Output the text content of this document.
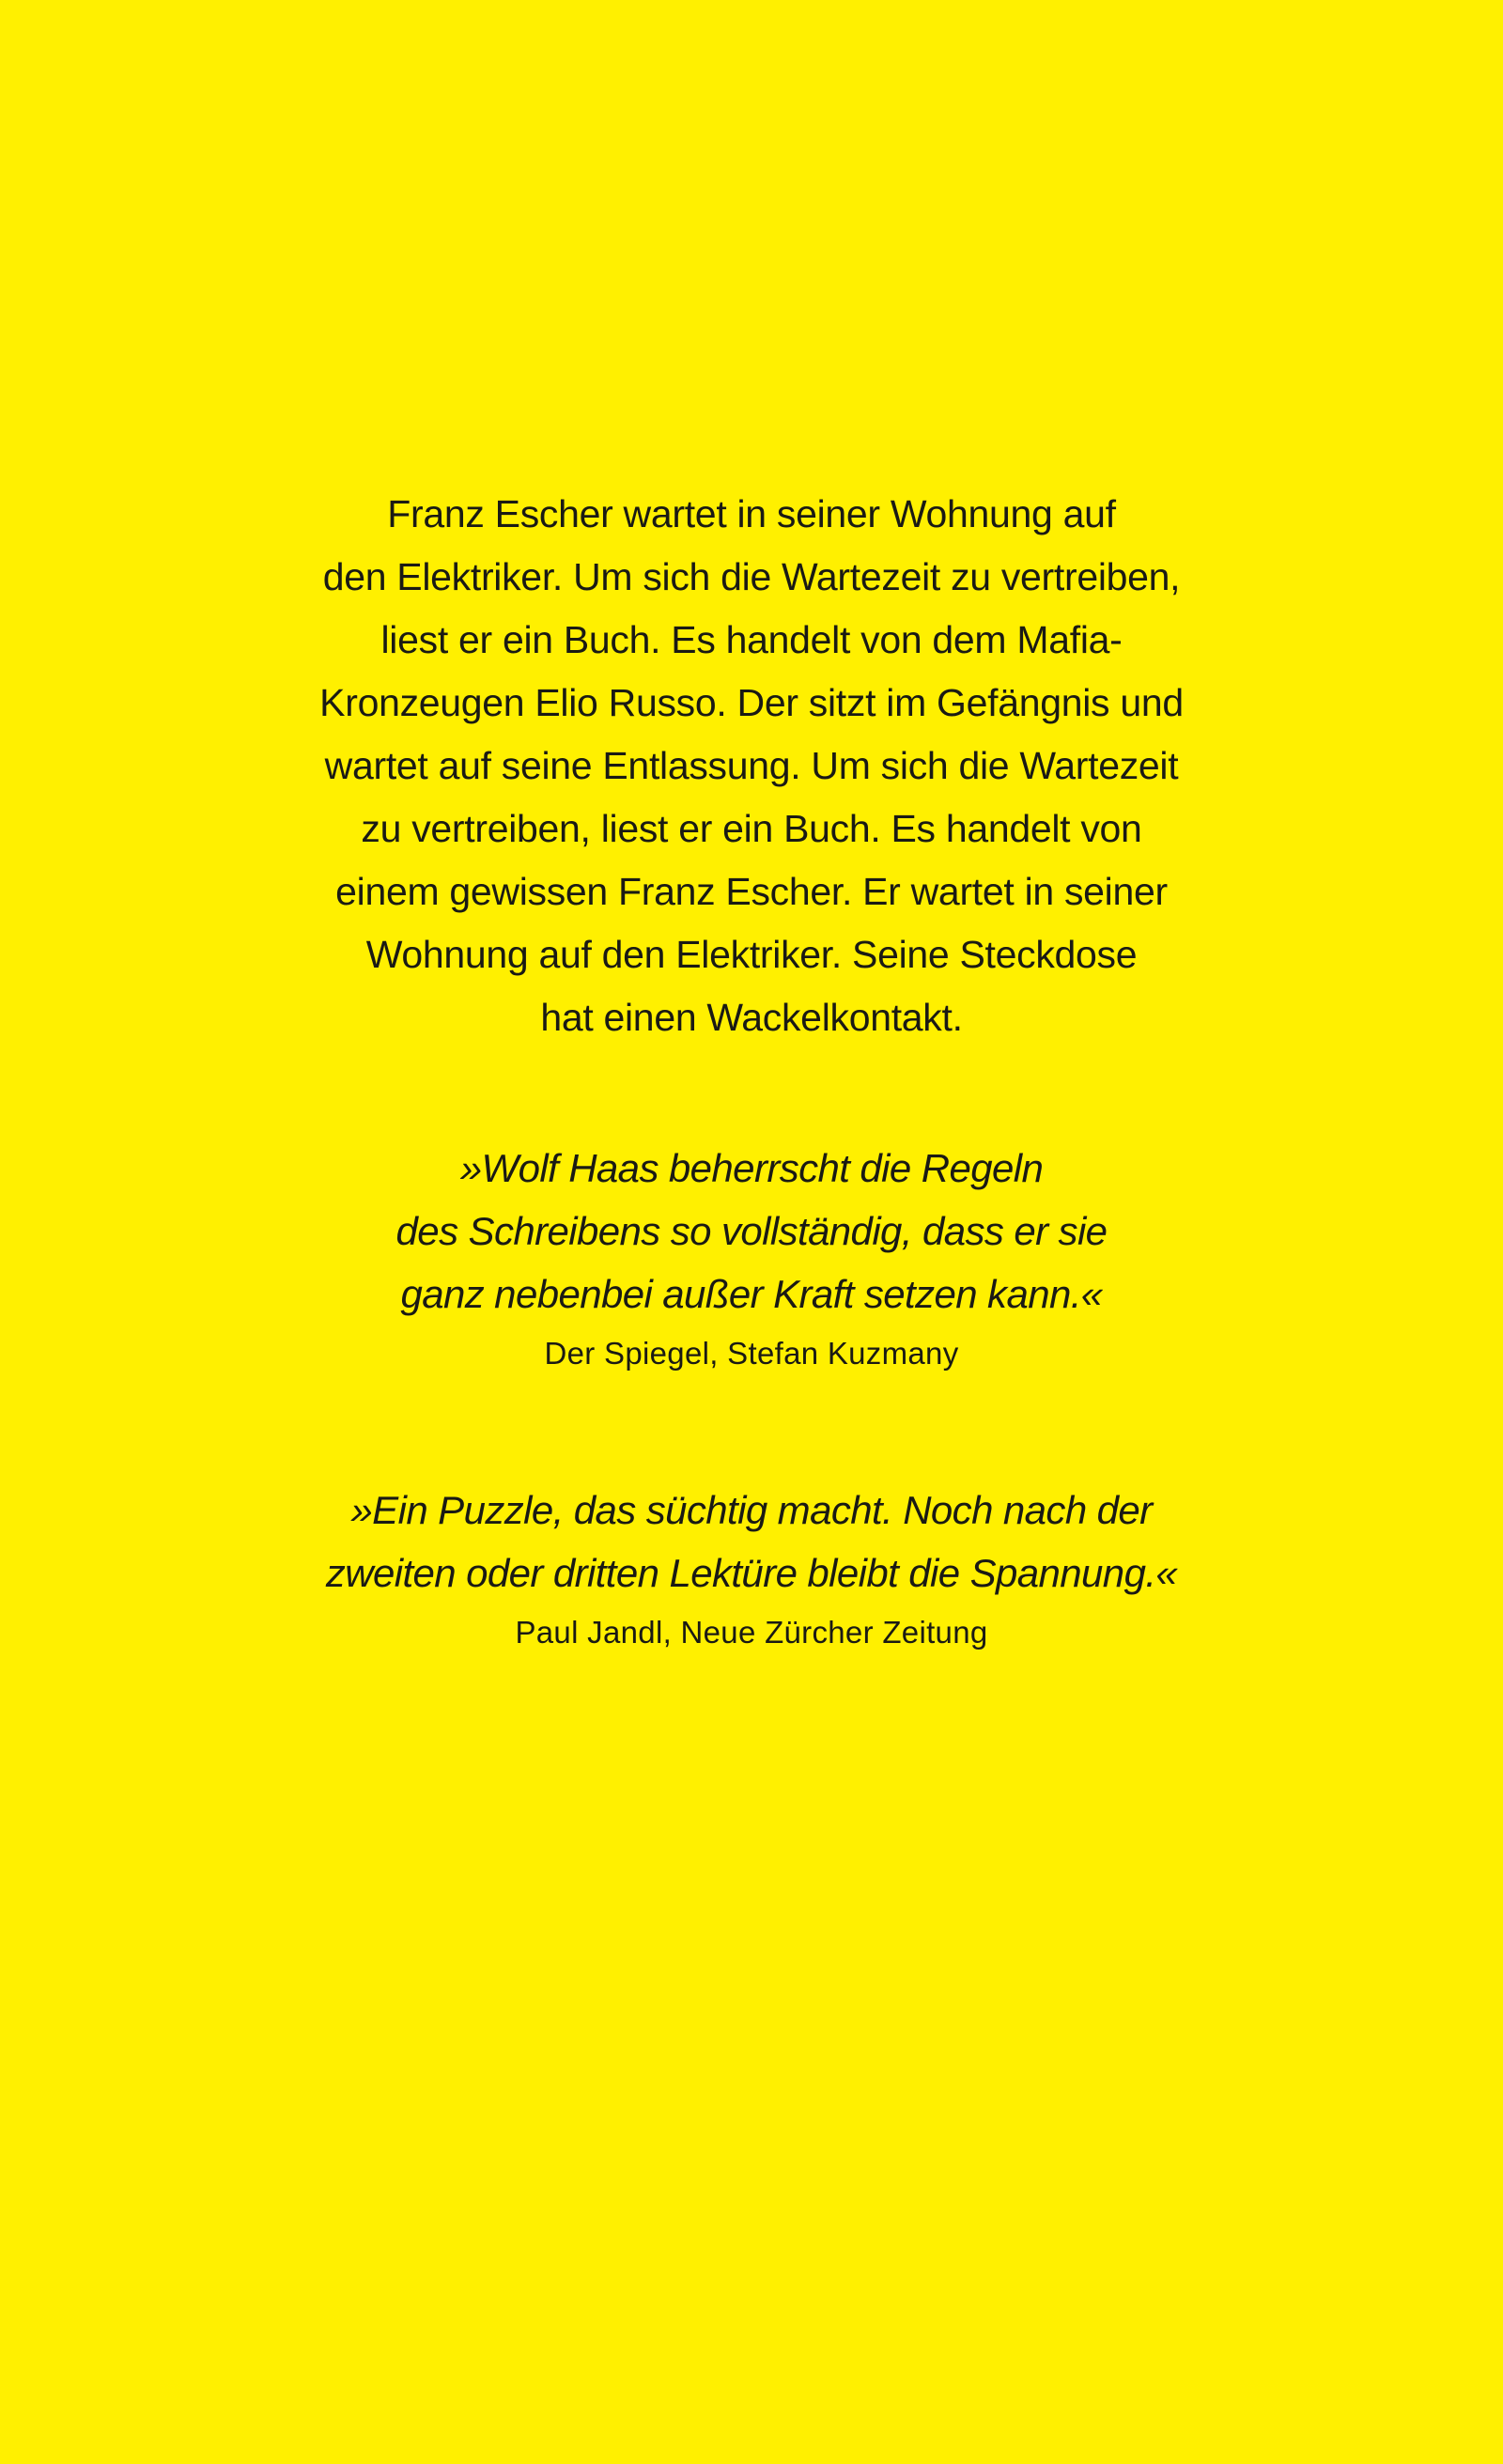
Franz Escher wartet in seiner Wohnung auf
den Elektriker. Um sich die Wartezeit zu vertreiben,
liest er ein Buch. Es handelt von dem Mafia-
Kronzeugen Elio Russo. Der sitzt im Gefängnis und
wartet auf seine Entlassung. Um sich die Wartezeit
zu vertreiben, liest er ein Buch. Es handelt von
einem gewissen Franz Escher. Er wartet in seiner
Wohnung auf den Elektriker. Seine Steckdose
hat einen Wackelkontakt.
»Wolf Haas beherrscht die Regeln
des Schreibens so vollständig, dass er sie
ganz nebenbei außer Kraft setzen kann.«
Der Spiegel, Stefan Kuzmany
»Ein Puzzle, das süchtig macht. Noch nach der
zweiten oder dritten Lektüre bleibt die Spannung.«
Paul Jandl, Neue Zürcher Zeitung
